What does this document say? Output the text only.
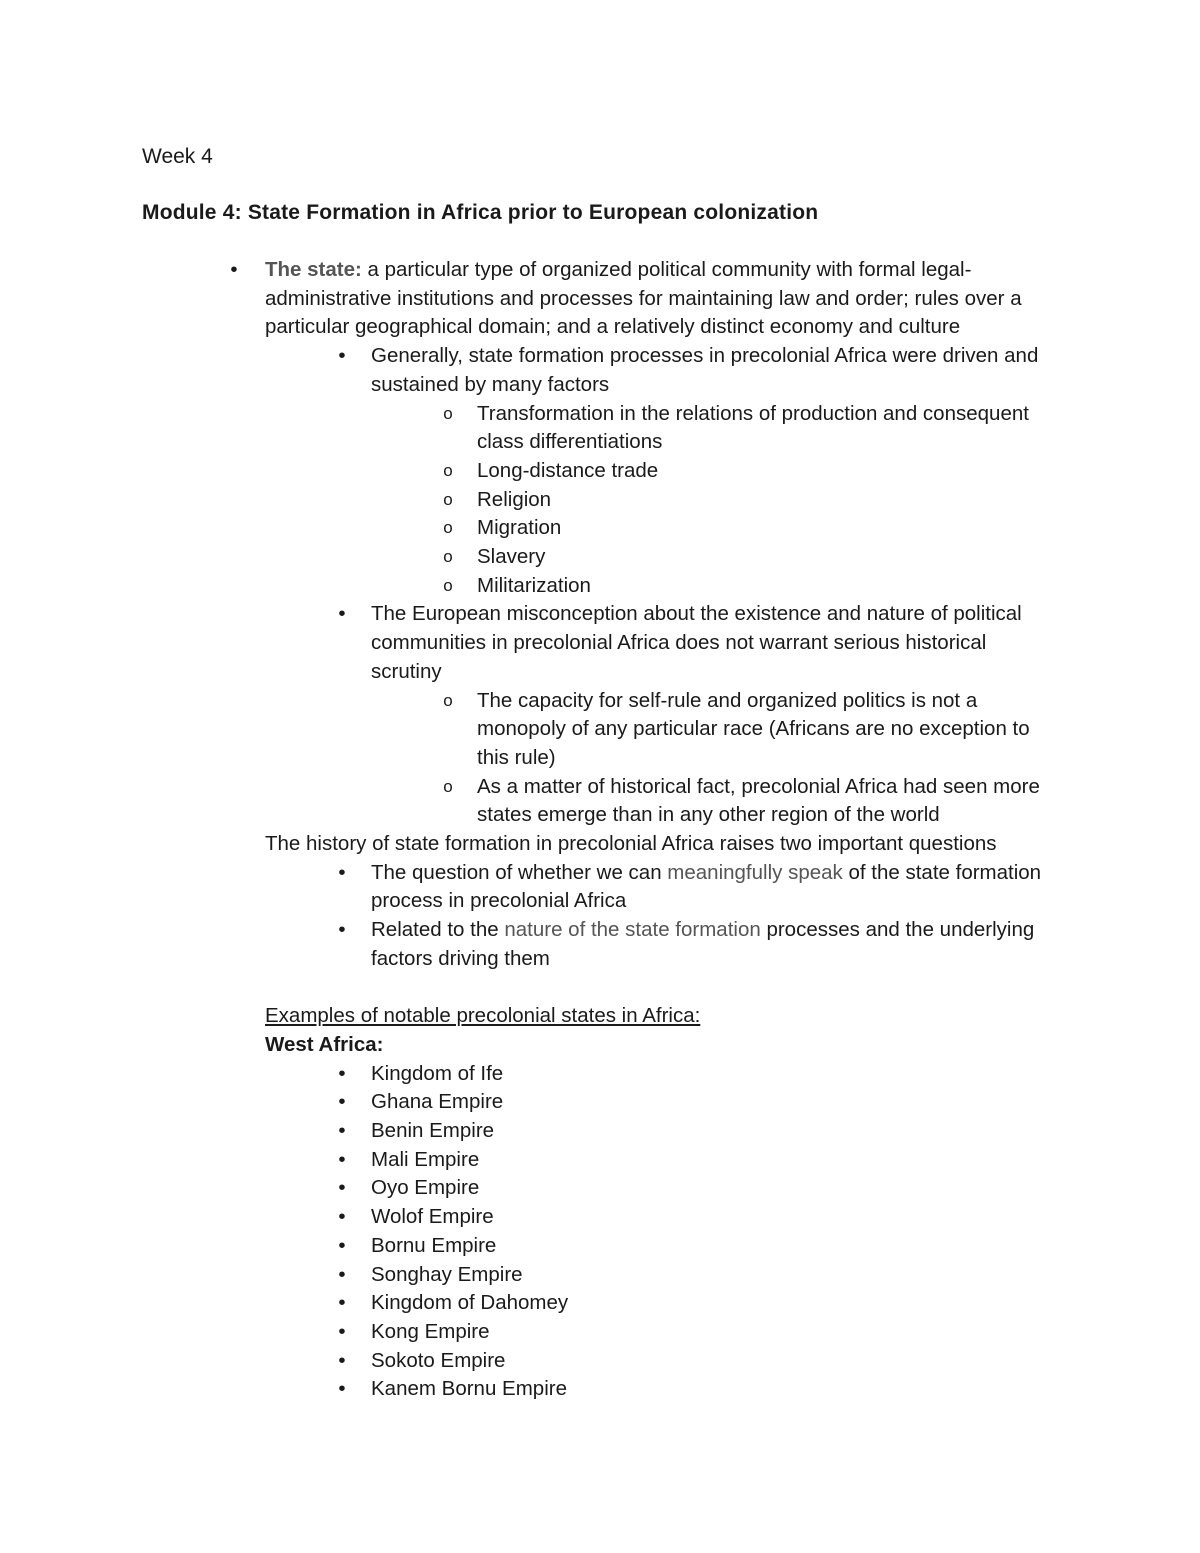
Week 4
Module 4: State Formation in Africa prior to European colonization
•	The state: a particular type of organized political community with formal legal-administrative institutions and processes for maintaining law and order; rules over a particular geographical domain; and a relatively distinct economy and culture
•	Generally, state formation processes in precolonial Africa were driven and sustained by many factors
o Transformation in the relations of production and consequent class differentiations
o Long-distance trade
o Religion
o Migration
o Slavery
o Militarization
•	The European misconception about the existence and nature of political communities in precolonial Africa does not warrant serious historical scrutiny
o The capacity for self-rule and organized politics is not a monopoly of any particular race (Africans are no exception to this rule)
o As a matter of historical fact, precolonial Africa had seen more states emerge than in any other region of the world
The history of state formation in precolonial Africa raises two important questions
•	The question of whether we can meaningfully speak of the state formation process in precolonial Africa
•	Related to the nature of the state formation processes and the underlying factors driving them
Examples of notable precolonial states in Africa:
West Africa:
•	Kingdom of Ife
•	Ghana Empire
•	Benin Empire
•	Mali Empire
•	Oyo Empire
•	Wolof Empire
•	Bornu Empire
•	Songhay Empire
•	Kingdom of Dahomey
•	Kong Empire
•	Sokoto Empire
•	Kanem Bornu Empire
